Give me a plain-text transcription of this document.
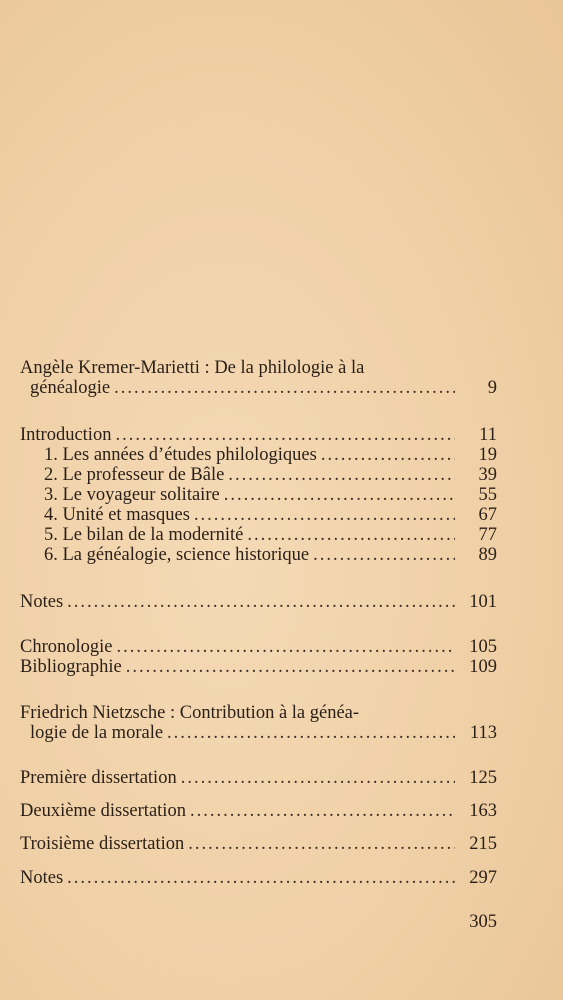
Angèle Kremer-Marietti : De la philologie à la
généalogie .....	9
Introduction .....	11
1. Les années d’études philologiques .....	19
2. Le professeur de Bâle .....	39
3. Le voyageur solitaire .....	55
4. Unité et masques .....	67
5. Le bilan de la modernité .....	77
6. La généalogie, science historique .....	89
Notes .....	101
Chronologie .....	105
Bibliographie .....	109
Friedrich Nietzsche : Contribution à la généa-
logie de la morale .....	113
Première dissertation .....	125
Deuxième dissertation .....	163
Troisième dissertation .....	215
Notes .....	297
305
